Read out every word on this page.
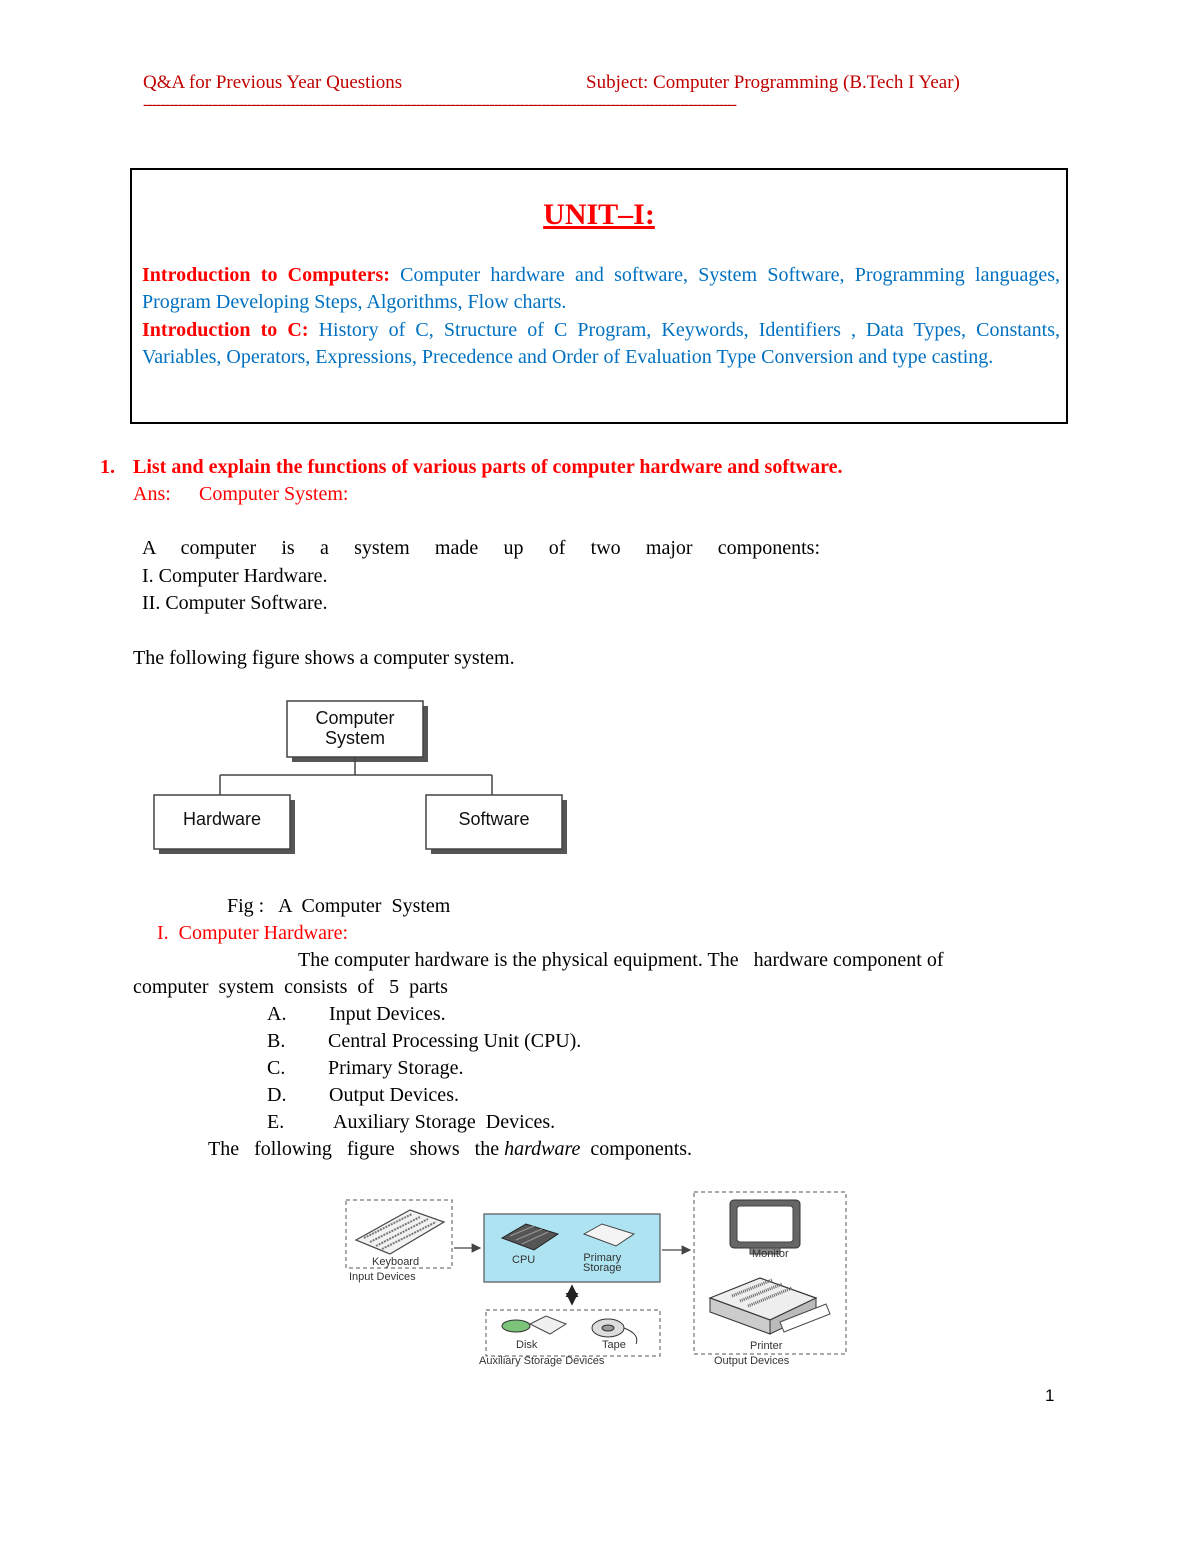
Q&A for Previous Year Questions	Subject: Computer Programming (B.Tech I Year)
-----------------------------------------------------------------------------------------------------------------------------------------
UNIT–I:
Introduction to Computers: Computer hardware and software, System Software, Programming languages, Program Developing Steps, Algorithms, Flow charts.
Introduction to C: History of C, Structure of C Program, Keywords, Identifiers , Data Types, Constants, Variables, Operators, Expressions, Precedence and Order of Evaluation Type Conversion and type casting.
1. List and explain the functions of various parts of computer hardware and software.
Ans: Computer System:
A computer is a system made up of two major components:
I. Computer Hardware.
II. Computer Software.
The following figure shows a computer system.
Computer
System
Hardware	Software
Fig :   A  Computer  System
I.  Computer Hardware:
The computer hardware is the physical equipment. The   hardware component of
computer  system  consists  of   5  parts
A. Input Devices.
B. Central Processing Unit (CPU).
C. Primary Storage.
D. Output Devices.
E. Auxiliary Storage  Devices.
The   following   figure   shows   the hardware  components.
Keyboard
Input Devices
CPU	Primary
Storage
Monitor
Printer
Output Devices
Disk	Tape
Auxiliary Storage Devices
1
